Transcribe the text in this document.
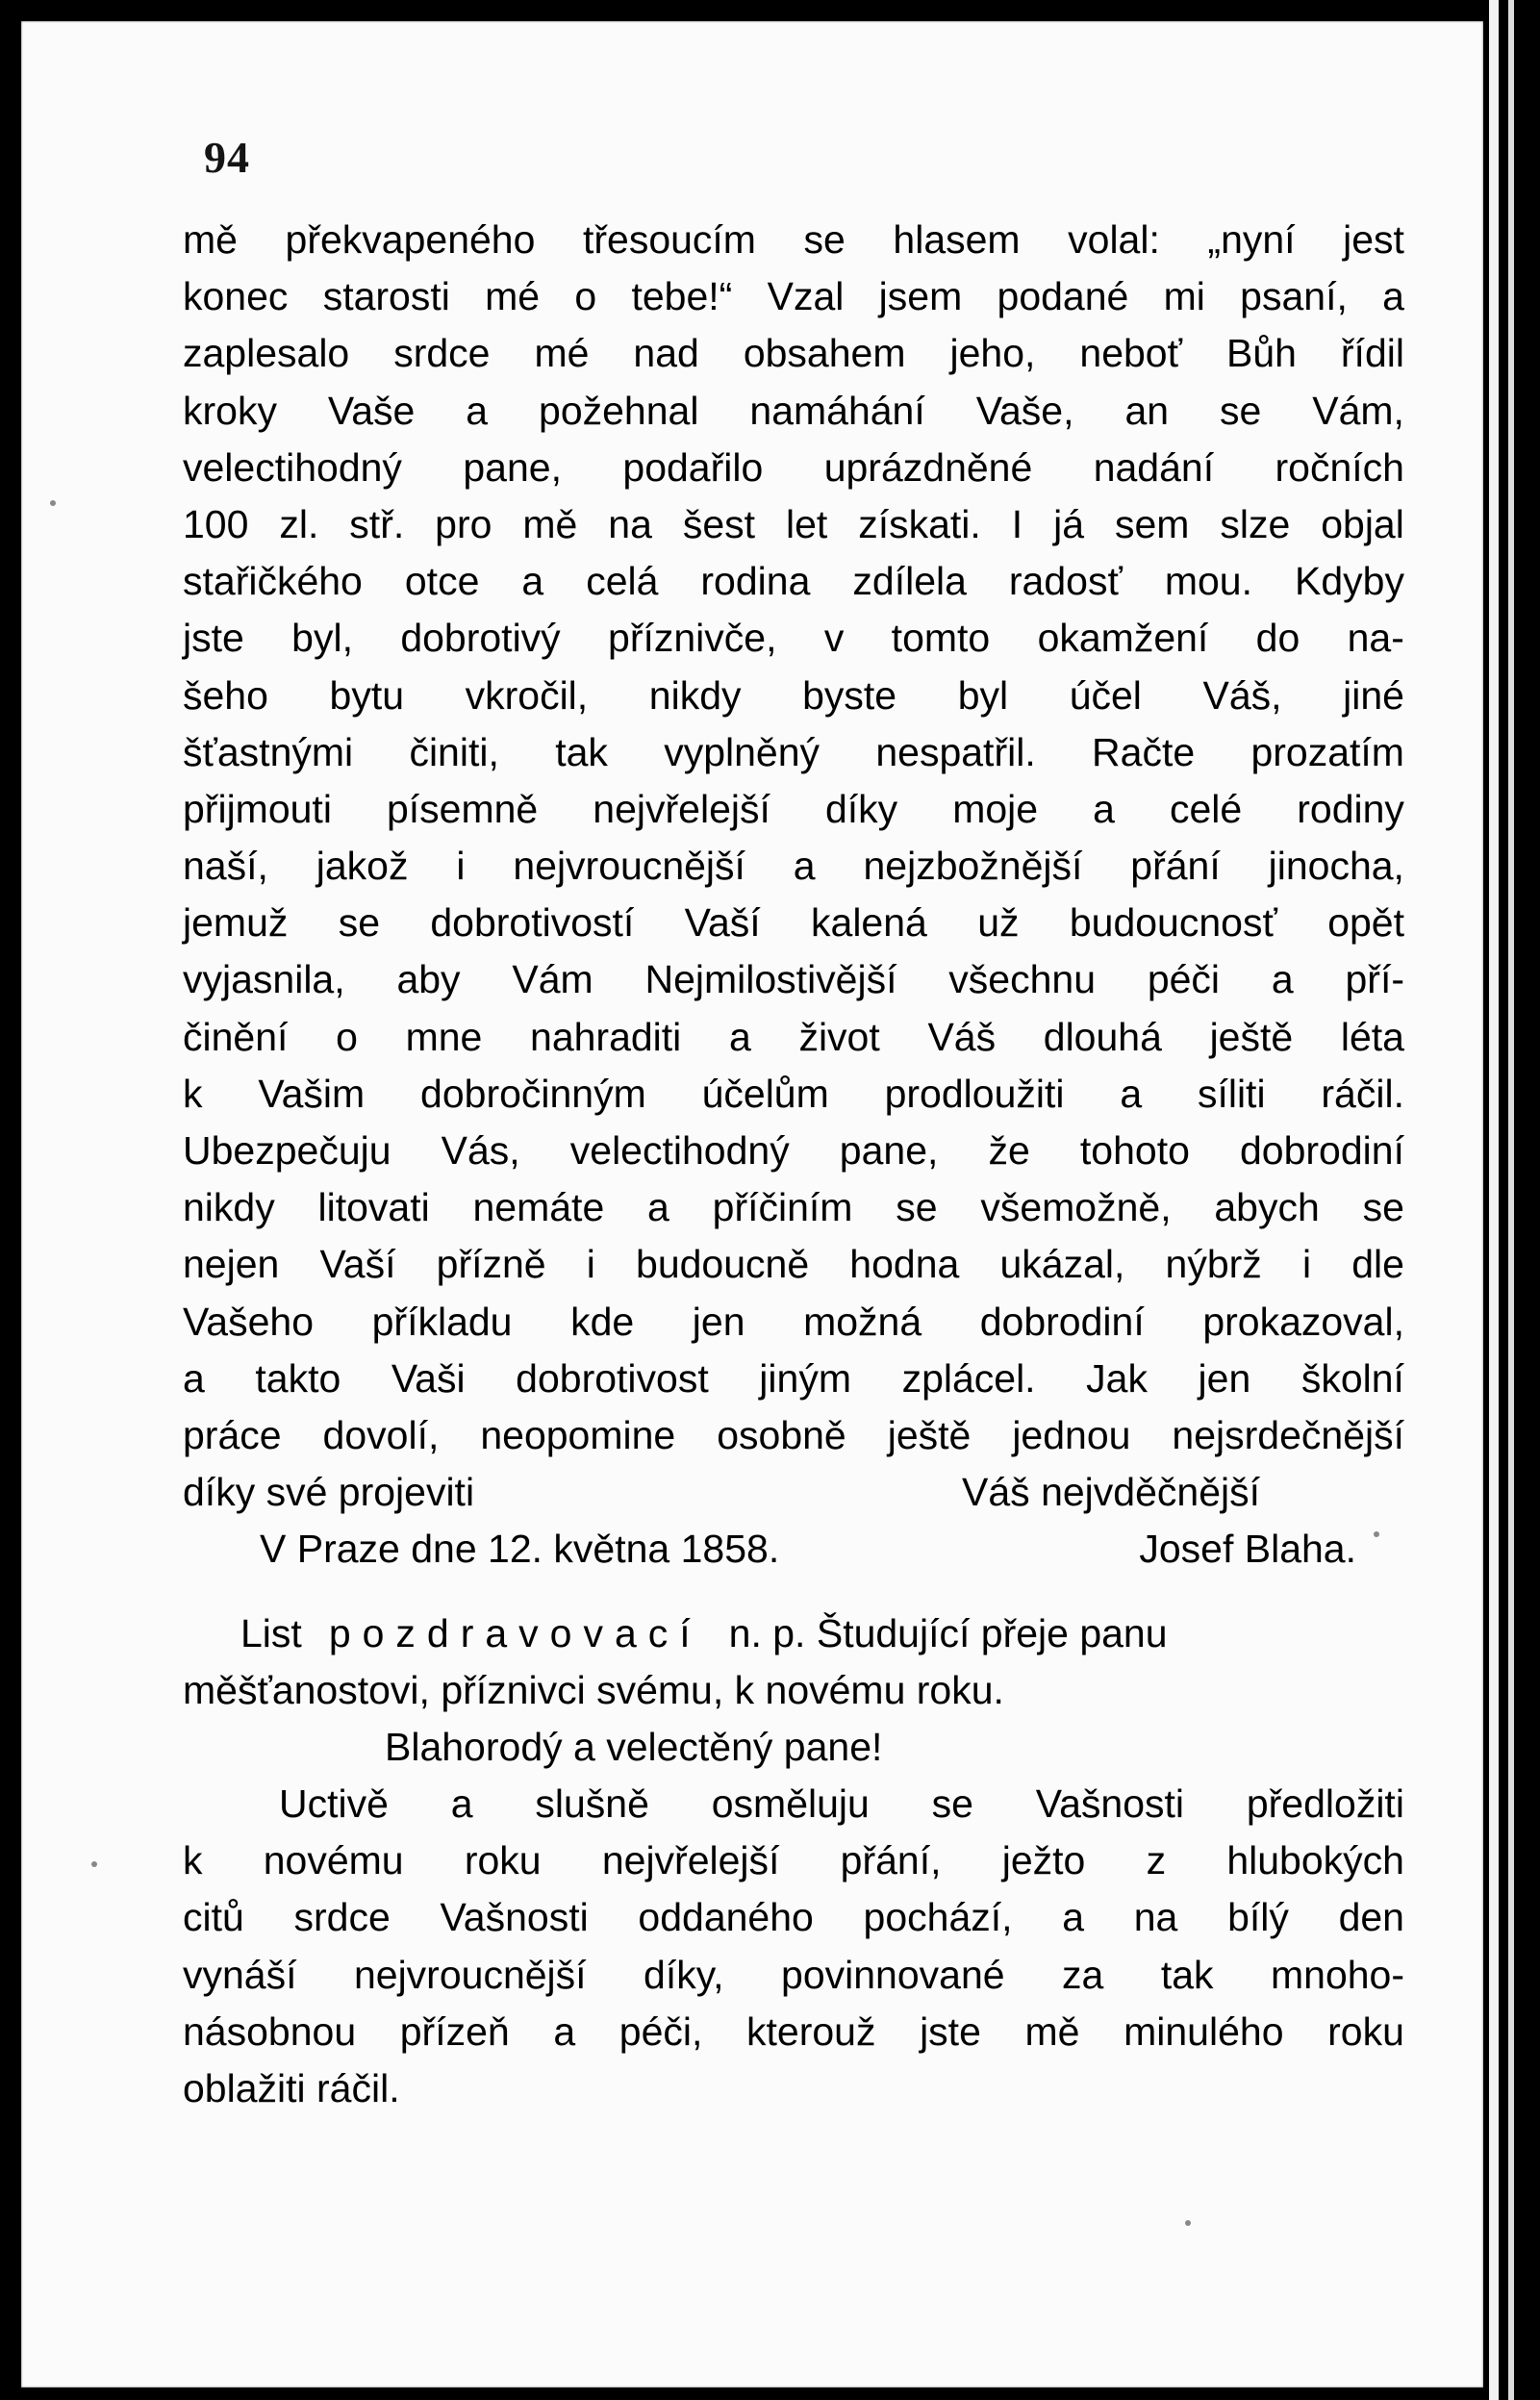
94
mě překvapeného třesoucím se hlasem volal: „nyní jest
konec starosti mé o tebe!“ Vzal jsem podané mi psaní, a
zaplesalo srdce mé nad obsahem jeho, neboť Bůh řídil
kroky Vaše a požehnal namáhání Vaše, an se Vám,
velectihodný pane, podařilo uprázdněné nadání ročních
100 zl. stř. pro mě na šest let získati. I já sem slze objal
stařičkého otce a celá rodina zdílela radosť mou. Kdyby
jste byl, dobrotivý příznivče, v tomto okamžení do na-
šeho bytu vkročil, nikdy byste byl účel Váš, jiné
šťastnými činiti, tak vyplněný nespatřil. Račte prozatím
přijmouti písemně nejvřelejší díky moje a celé rodiny
naší, jakož i nejvroucnější a nejzbožnější přání jinocha,
jemuž se dobrotivostí Vaší kalená už budoucnosť opět
vyjasnila, aby Vám Nejmilostivější všechnu péči a pří-
činění o mne nahraditi a život Váš dlouhá ještě léta
k Vašim dobročinným účelům prodloužiti a síliti ráčil.
Ubezpečuju Vás, velectihodný pane, že tohoto dobrodiní
nikdy litovati nemáte a příčiním se všemožně, abych se
nejen Vaší přízně i budoucně hodna ukázal, nýbrž i dle
Vašeho příkladu kde jen možná dobrodiní prokazoval,
a takto Vaši dobrotivost jiným zplácel. Jak jen školní
práce dovolí, neopomine osobně ještě jednou nejsrdečnější
díky své projeviti	Váš nejvděčnější
V Praze dne 12. května 1858.	Josef Blaha.
List pozdravovací n. p. Študující přeje panu
měšťanostovi, příznivci svému, k novému roku.
Blahorodý a velectěný pane!
Uctivě a slušně osměluju se Vašnosti předložiti
k novému roku nejvřelejší přání, ježto z hlubokých
citů srdce Vašnosti oddaného pochází, a na bílý den
vynáší nejvroucnější díky, povinnované za tak mnoho-
násobnou přízeň a péči, kterouž jste mě minulého roku
oblažiti ráčil.
